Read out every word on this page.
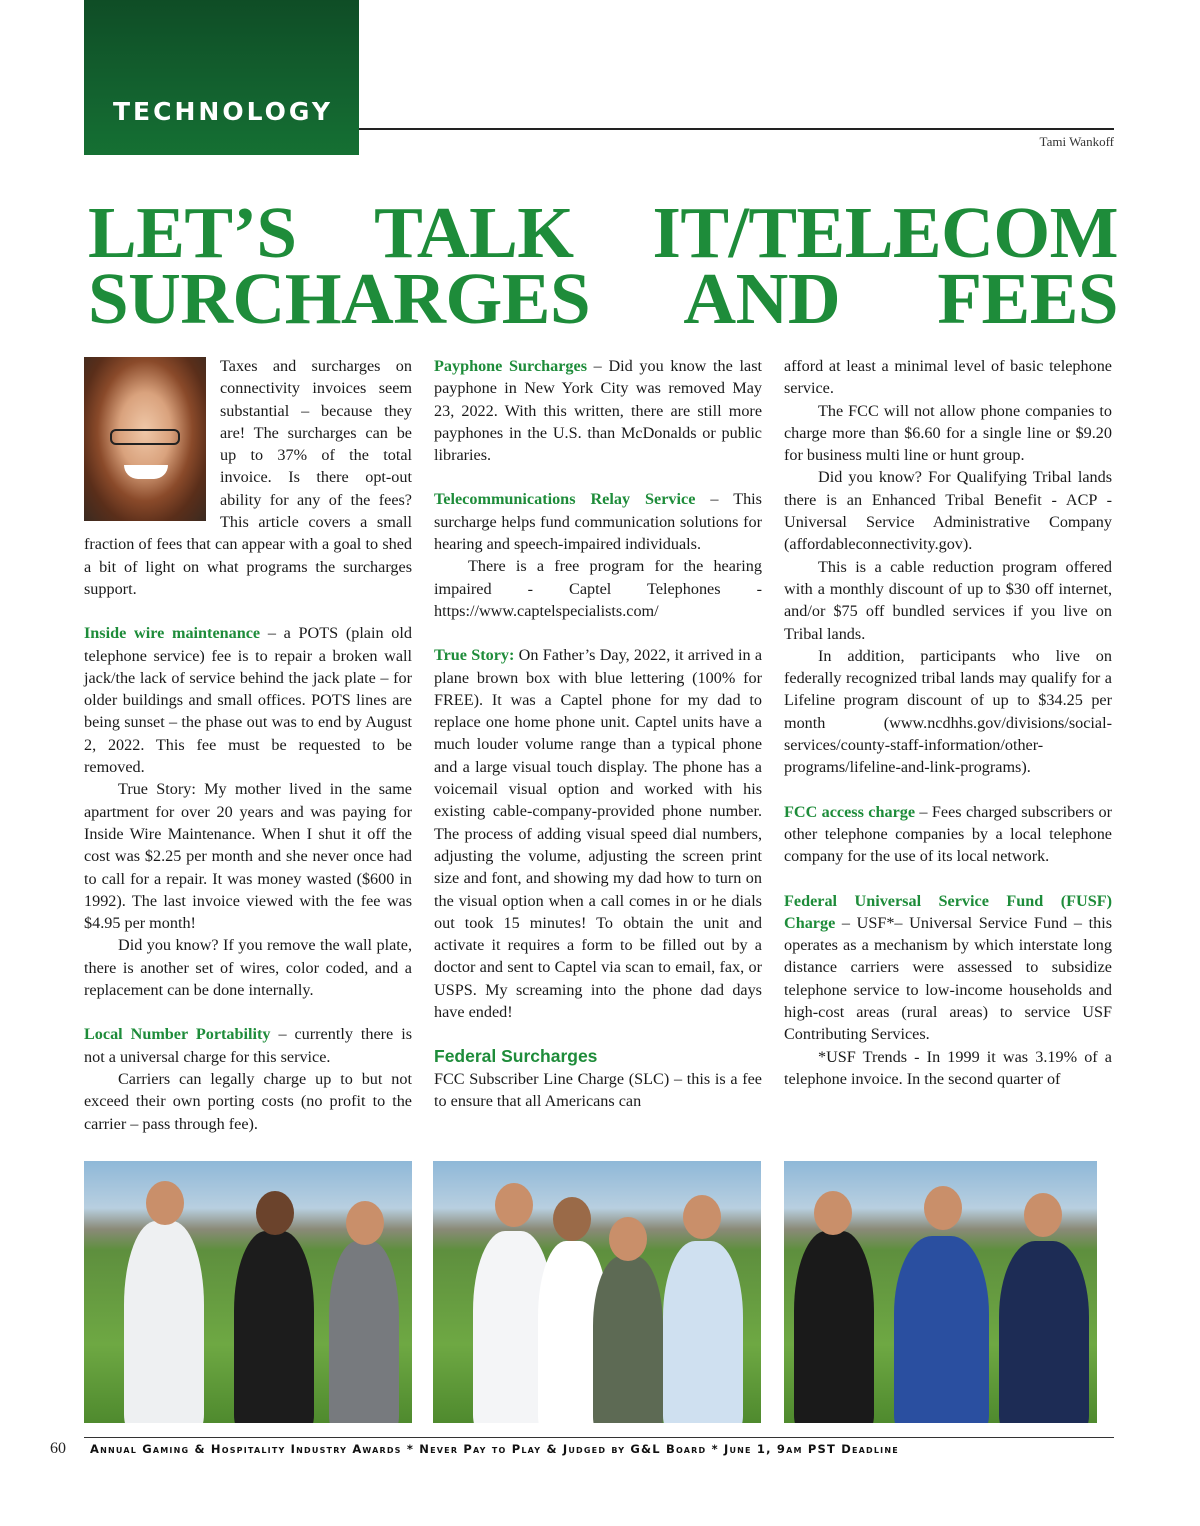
TECHNOLOGY
Tami Wankoff
LET’S TALK IT/TELECOM
SURCHARGES AND FEES

Taxes and surcharges on connectivity invoices seem substantial – because they are! The surcharges can be up to 37% of the total invoice. Is there opt-out ability for any of the fees? This article covers a small fraction of fees that can appear with a goal to shed a bit of light on what programs the surcharges support.

Inside wire maintenance – a POTS (plain old telephone service) fee is to repair a broken wall jack/the lack of service behind the jack plate – for older buildings and small offices. POTS lines are being sunset – the phase out was to end by August 2, 2022. This fee must be requested to be removed.

True Story: My mother lived in the same apartment for over 20 years and was paying for Inside Wire Maintenance. When I shut it off the cost was $2.25 per month and she never once had to call for a repair. It was money wasted ($600 in 1992). The last invoice viewed with the fee was $4.95 per month!

Did you know? If you remove the wall plate, there is another set of wires, color coded, and a replacement can be done internally.

Local Number Portability – currently there is not a universal charge for this service.

Carriers can legally charge up to but not exceed their own porting costs (no profit to the carrier – pass through fee).

Payphone Surcharges – Did you know the last payphone in New York City was removed May 23, 2022. With this written, there are still more payphones in the U.S. than McDonalds or public libraries.

Telecommunications Relay Service – This surcharge helps fund communication solutions for hearing and speech-impaired individuals.

There is a free program for the hearing impaired - Captel Telephones - https://www.captelspecialists.com/

True Story: On Father’s Day, 2022, it arrived in a plane brown box with blue lettering (100% for FREE). It was a Captel phone for my dad to replace one home phone unit. Captel units have a much louder volume range than a typical phone and a large visual touch display. The phone has a voicemail visual option and worked with his existing cable-company-provided phone number. The process of adding visual speed dial numbers, adjusting the volume, adjusting the screen print size and font, and showing my dad how to turn on the visual option when a call comes in or he dials out took 15 minutes! To obtain the unit and activate it requires a form to be filled out by a doctor and sent to Captel via scan to email, fax, or USPS. My screaming into the phone dad days have ended!

Federal Surcharges

FCC Subscriber Line Charge (SLC) – this is a fee to ensure that all Americans can

afford at least a minimal level of basic telephone service.

The FCC will not allow phone companies to charge more than $6.60 for a single line or $9.20 for business multi line or hunt group.

Did you know? For Qualifying Tribal lands there is an Enhanced Tribal Benefit - ACP - Universal Service Administrative Company (affordableconnectivity.gov).

This is a cable reduction program offered with a monthly discount of up to $30 off internet, and/or $75 off bundled services if you live on Tribal lands.

In addition, participants who live on federally recognized tribal lands may qualify for a Lifeline program discount of up to $34.25 per month (www.ncdhhs.gov/divisions/social-services/county-staff-information/other-programs/lifeline-and-link-programs).

FCC access charge – Fees charged subscribers or other telephone companies by a local telephone company for the use of its local network.

Federal Universal Service Fund (FUSF) Charge – USF*– Universal Service Fund – this operates as a mechanism by which interstate long distance carriers were assessed to subsidize telephone service to low-income households and high-cost areas (rural areas) to service USF Contributing Services.

*USF Trends - In 1999 it was 3.19% of a telephone invoice. In the second quarter of

60 Annual Gaming & Hospitality Industry Awards * Never Pay to Play & Judged by G&L Board * June 1, 9am PST Deadline
